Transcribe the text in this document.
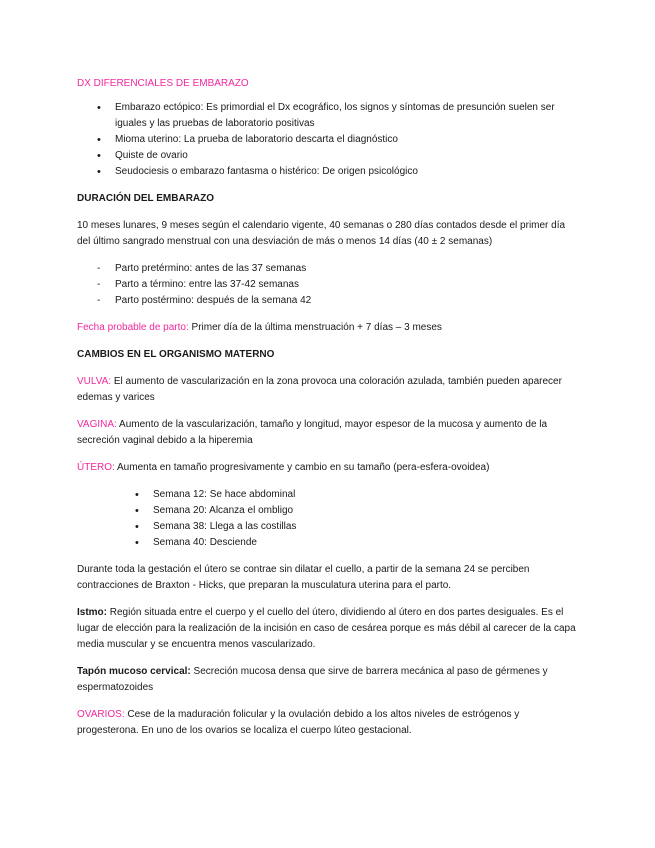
DX DIFERENCIALES DE EMBARAZO

• Embarazo ectópico: Es primordial el Dx ecográfico, los signos y síntomas de presunción suelen ser iguales y las pruebas de laboratorio positivas
• Mioma uterino: La prueba de laboratorio descarta el diagnóstico
• Quiste de ovario
• Seudociesis o embarazo fantasma o histérico: De origen psicológico

DURACIÓN DEL EMBARAZO

10 meses lunares, 9 meses según el calendario vigente, 40 semanas o 280 días contados desde el primer día del último sangrado menstrual con una desviación de más o menos 14 días (40 ± 2 semanas)

- Parto pretérmino: antes de las 37 semanas
- Parto a término: entre las 37-42 semanas
- Parto postérmino: después de la semana 42

Fecha probable de parto: Primer día de la última menstruación + 7 días – 3 meses

CAMBIOS EN EL ORGANISMO MATERNO

VULVA: El aumento de vascularización en la zona provoca una coloración azulada, también pueden aparecer edemas y varices

VAGINA: Aumento de la vascularización, tamaño y longitud, mayor espesor de la mucosa y aumento de la secreción vaginal debido a la hiperemia

ÚTERO: Aumenta en tamaño progresivamente y cambio en su tamaño (pera-esfera-ovoidea)

• Semana 12: Se hace abdominal
• Semana 20: Alcanza el ombligo
• Semana 38: Llega a las costillas
• Semana 40: Desciende

Durante toda la gestación el útero se contrae sin dilatar el cuello, a partir de la semana 24 se perciben contracciones de Braxton - Hicks, que preparan la musculatura uterina para el parto.

Istmo: Región situada entre el cuerpo y el cuello del útero, dividiendo al útero en dos partes desiguales. Es el lugar de elección para la realización de la incisión en caso de cesárea porque es más débil al carecer de la capa media muscular y se encuentra menos vascularizado.

Tapón mucoso cervical: Secreción mucosa densa que sirve de barrera mecánica al paso de gérmenes y espermatozoides

OVARIOS: Cese de la maduración folicular y la ovulación debido a los altos niveles de estrógenos y progesterona. En uno de los ovarios se localiza el cuerpo lúteo gestacional.
